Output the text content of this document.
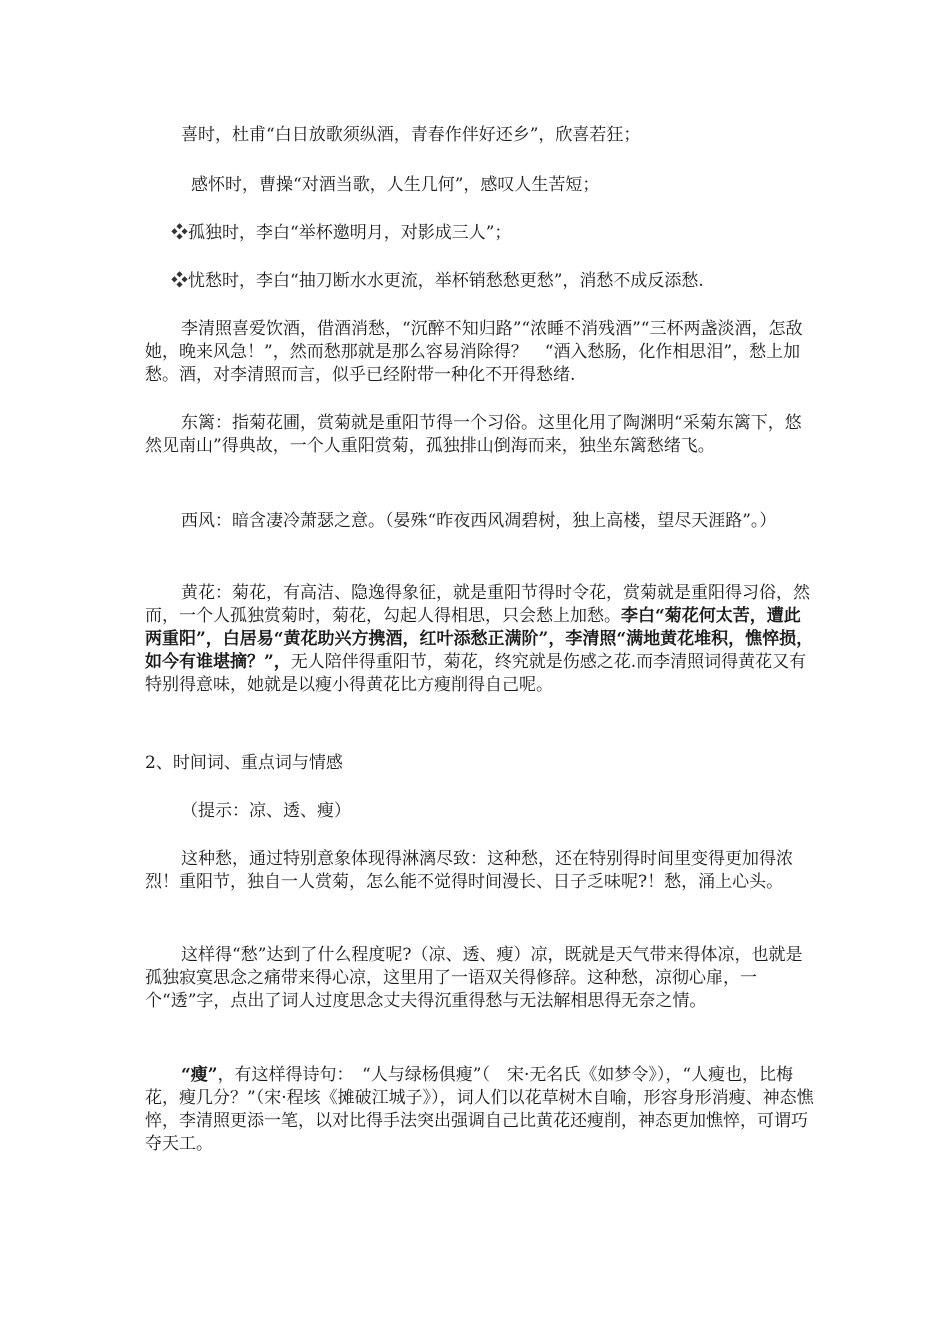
喜时，杜甫“白日放歌须纵酒，青春作伴好还乡”，欣喜若狂；

感怀时，曹操“对酒当歌，人生几何”，感叹人生苦短；

❖孤独时，李白“举杯邀明月，对影成三人”；

❖忧愁时，李白“抽刀断水水更流，举杯销愁愁更愁”，消愁不成反添愁.

李清照喜爱饮酒，借酒消愁，“沉醉不知归路”“浓睡不消残酒”“三杯两盏淡酒，怎敌她，晚来风急！”，然而愁那就是那么容易消除得？　“酒入愁肠，化作相思泪”，愁上加愁。酒，对李清照而言，似乎已经附带一种化不开得愁绪.

东篱：指菊花圃，赏菊就是重阳节得一个习俗。这里化用了陶渊明“采菊东篱下，悠然见南山”得典故，一个人重阳赏菊，孤独排山倒海而来，独坐东篱愁绪飞。

西风：暗含凄冷萧瑟之意。（晏殊“昨夜西风凋碧树，独上高楼，望尽天涯路”。）

黄花：菊花，有高洁、隐逸得象征，就是重阳节得时令花，赏菊就是重阳得习俗，然而，一个人孤独赏菊时，菊花，勾起人得相思，只会愁上加愁。李白“菊花何太苦，遭此两重阳”，白居易“黄花助兴方携酒，红叶添愁正满阶”，李清照“满地黄花堆积，憔悴损，如今有谁堪摘？”，无人陪伴得重阳节，菊花，终究就是伤感之花.而李清照词得黄花又有特别得意味，她就是以瘦小得黄花比方瘦削得自己呢。

2、时间词、重点词与情感

（提示：凉、透、瘦）

这种愁，通过特别意象体现得淋漓尽致：这种愁，还在特别得时间里变得更加得浓烈！重阳节，独自一人赏菊，怎么能不觉得时间漫长、日子乏味呢?！愁，涌上心头。

这样得“愁”达到了什么程度呢?（凉、透、瘦）凉，既就是天气带来得体凉，也就是孤独寂寞思念之痛带来得心凉，这里用了一语双关得修辞。这种愁，凉彻心扉，一个“透”字，点出了词人过度思念丈夫得沉重得愁与无法解相思得无奈之情。

“瘦”，有这样得诗句：　“人与绿杨俱瘦”（　宋·无名氏《如梦令》），“人瘦也，比梅花，瘦几分？”（宋·程垓《摊破江城子》），词人们以花草树木自喻，形容身形消瘦、神态憔悴，李清照更添一笔，以对比得手法突出强调自己比黄花还瘦削，神态更加憔悴，可谓巧夺天工。
